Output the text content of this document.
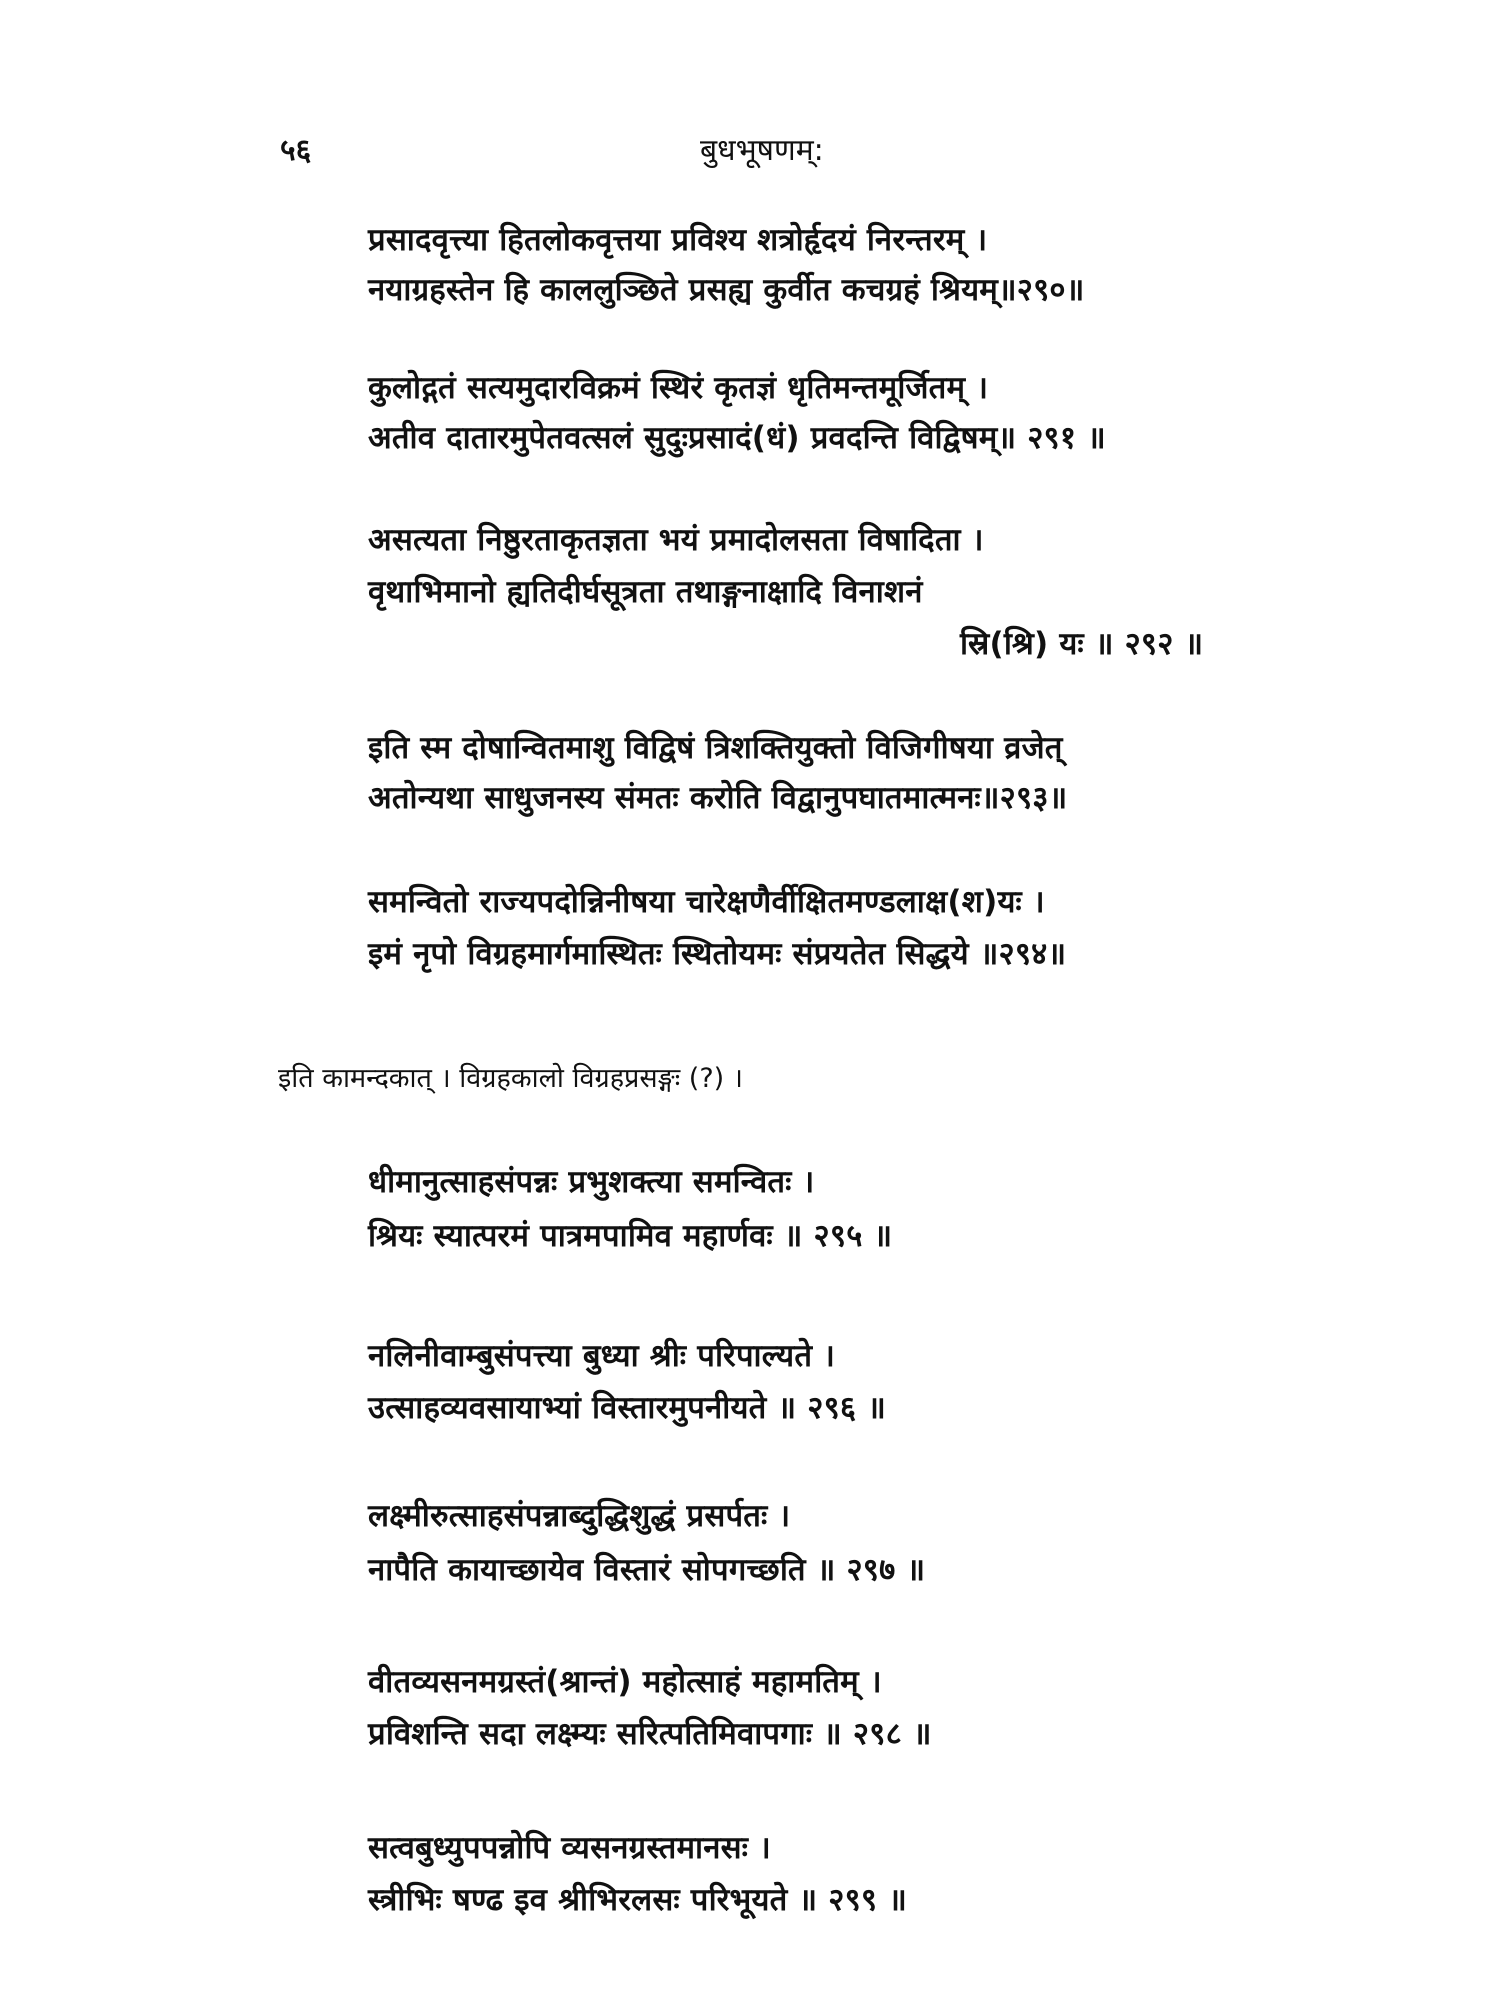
५६	बुधभूषणम्:
प्रसादवृत्त्या हितलोकवृत्तया प्रविश्य शत्रोर्हृदयं निरन्तरम् ।
नयाग्रहस्तेन हि काललुञ्छिते प्रसह्य कुर्वीत कचग्रहं श्रियम्॥२९०॥
कुलोद्गतं सत्यमुदारविक्रमं स्थिरं कृतज्ञं धृतिमन्तमूर्जितम् ।
अतीव दातारमुपेतवत्सलं सुदुःप्रसादं(धं) प्रवदन्ति विद्विषम्॥ २९१ ॥
असत्यता निष्ठुरताकृतज्ञता भयं प्रमादोलसता विषादिता ।
वृथाभिमानो ह्यतिदीर्घसूत्रता तथाङ्गनाक्षादि विनाशनं
स्रि(श्रि) यः ॥ २९२ ॥
इति स्म दोषान्वितमाशु विद्विषं त्रिशक्तियुक्तो विजिगीषया व्रजेत्
अतोन्यथा साधुजनस्य संमतः करोति विद्वानुपघातमात्मनः॥२९३॥
समन्वितो राज्यपदोन्निनीषया चारेक्षणैर्वीक्षितमण्डलाक्ष(श)यः ।
इमं नृपो विग्रहमार्गमास्थितः स्थितोयमः संप्रयतेत सिद्धये ॥२९४॥
इति कामन्दकात् । विग्रहकालो विग्रहप्रसङ्गः (?) ।
धीमानुत्साहसंपन्नः प्रभुशक्त्या समन्वितः ।
श्रियः स्यात्परमं पात्रमपामिव महार्णवः ॥ २९५ ॥
नलिनीवाम्बुसंपत्त्या बुध्या श्रीः परिपाल्यते ।
उत्साहव्यवसायाभ्यां विस्तारमुपनीयते ॥ २९६ ॥
लक्ष्मीरुत्साहसंपन्नाब्दुद्धिशुद्धं प्रसर्पतः ।
नापैति कायाच्छायेव विस्तारं सोपगच्छति ॥ २९७ ॥
वीतव्यसनमग्रस्तं(श्रान्तं) महोत्साहं महामतिम् ।
प्रविशन्ति सदा लक्ष्म्यः सरित्पतिमिवापगाः ॥ २९८ ॥
सत्वबुध्युपपन्नोपि व्यसनग्रस्तमानसः ।
स्त्रीभिः षण्ढ इव श्रीभिरलसः परिभूयते ॥ २९९ ॥
